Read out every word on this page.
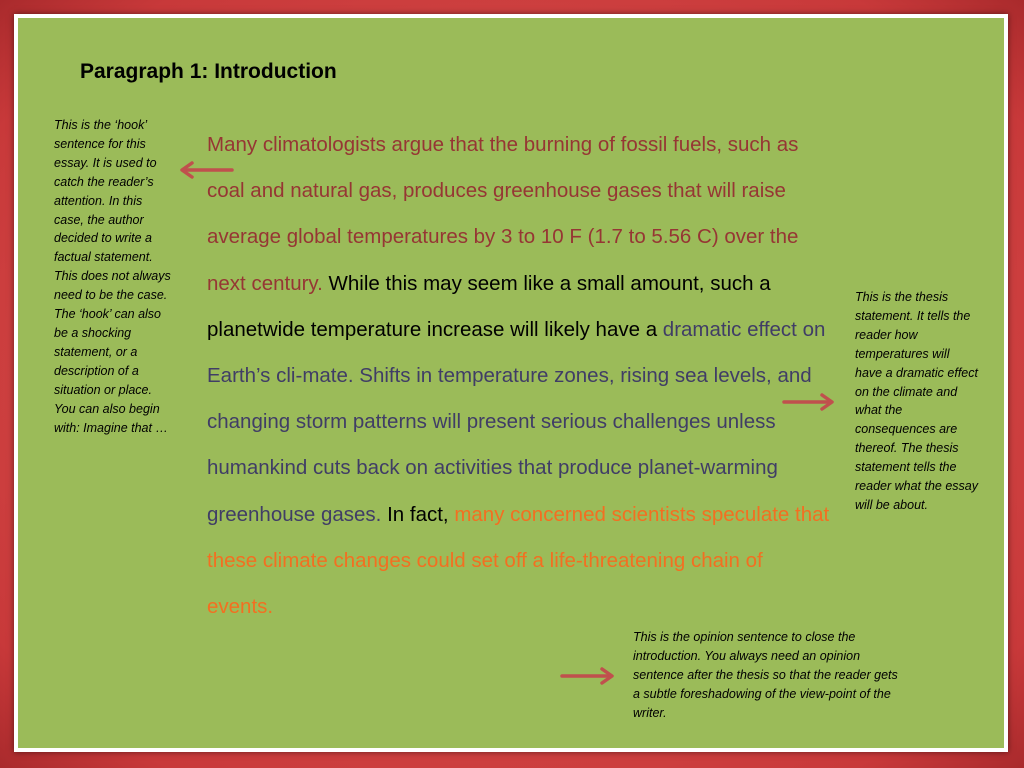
Paragraph 1: Introduction
This is the ‘hook’ sentence for this essay. It is used to catch the reader’s attention. In this case, the author decided to write a factual statement. This does not always need to be the case. The ‘hook’ can also be a shocking statement, or a description of a situation or place. You can also begin with: Imagine that …
Many climatologists argue that the burning of fossil fuels, such as coal and natural gas, produces greenhouse gases that will raise average global temperatures by 3 to 10 F (1.7 to 5.56 C) over the next century. While this may seem like a small amount, such a planetwide temperature increase will likely have a dramatic effect on Earth’s cli-mate. Shifts in temperature zones, rising sea levels, and changing storm patterns will present serious challenges unless humankind cuts back on activities that produce planet-warming greenhouse gases. In fact, many concerned scientists speculate that these climate changes could set off a life-threatening chain of events.
This is the thesis statement. It tells the reader how temperatures will have a dramatic effect on the climate and what the consequences are thereof. The thesis statement tells the reader what the essay will be about.
This is the opinion sentence to close the introduction. You always need an opinion sentence after the thesis so that the reader gets a subtle foreshadowing of the view-point of the writer.
